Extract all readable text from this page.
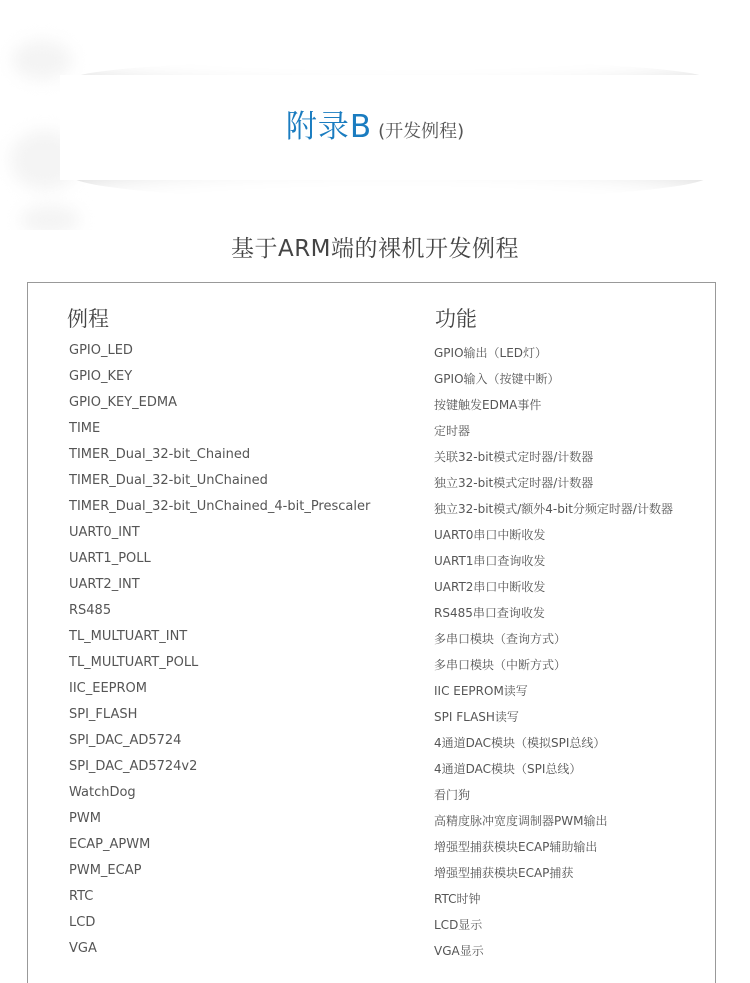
附录B (开发例程)
基于ARM端的裸机开发例程
例程	功能
GPIO_LED	GPIO输出（LED灯）
GPIO_KEY	GPIO输入（按键中断）
GPIO_KEY_EDMA	按键触发EDMA事件
TIME	定时器
TIMER_Dual_32-bit_Chained	关联32-bit模式定时器/计数器
TIMER_Dual_32-bit_UnChained	独立32-bit模式定时器/计数器
TIMER_Dual_32-bit_UnChained_4-bit_Prescaler	独立32-bit模式/额外4-bit分频定时器/计数器
UART0_INT	UART0串口中断收发
UART1_POLL	UART1串口查询收发
UART2_INT	UART2串口中断收发
RS485	RS485串口查询收发
TL_MULTUART_INT	多串口模块（查询方式）
TL_MULTUART_POLL	多串口模块（中断方式）
IIC_EEPROM	IIC EEPROM读写
SPI_FLASH	SPI FLASH读写
SPI_DAC_AD5724	4通道DAC模块（模拟SPI总线）
SPI_DAC_AD5724v2	4通道DAC模块（SPI总线）
WatchDog	看门狗
PWM	高精度脉冲宽度调制器PWM输出
ECAP_APWM	增强型捕获模块ECAP辅助输出
PWM_ECAP	增强型捕获模块ECAP捕获
RTC	RTC时钟
LCD	LCD显示
VGA	VGA显示
